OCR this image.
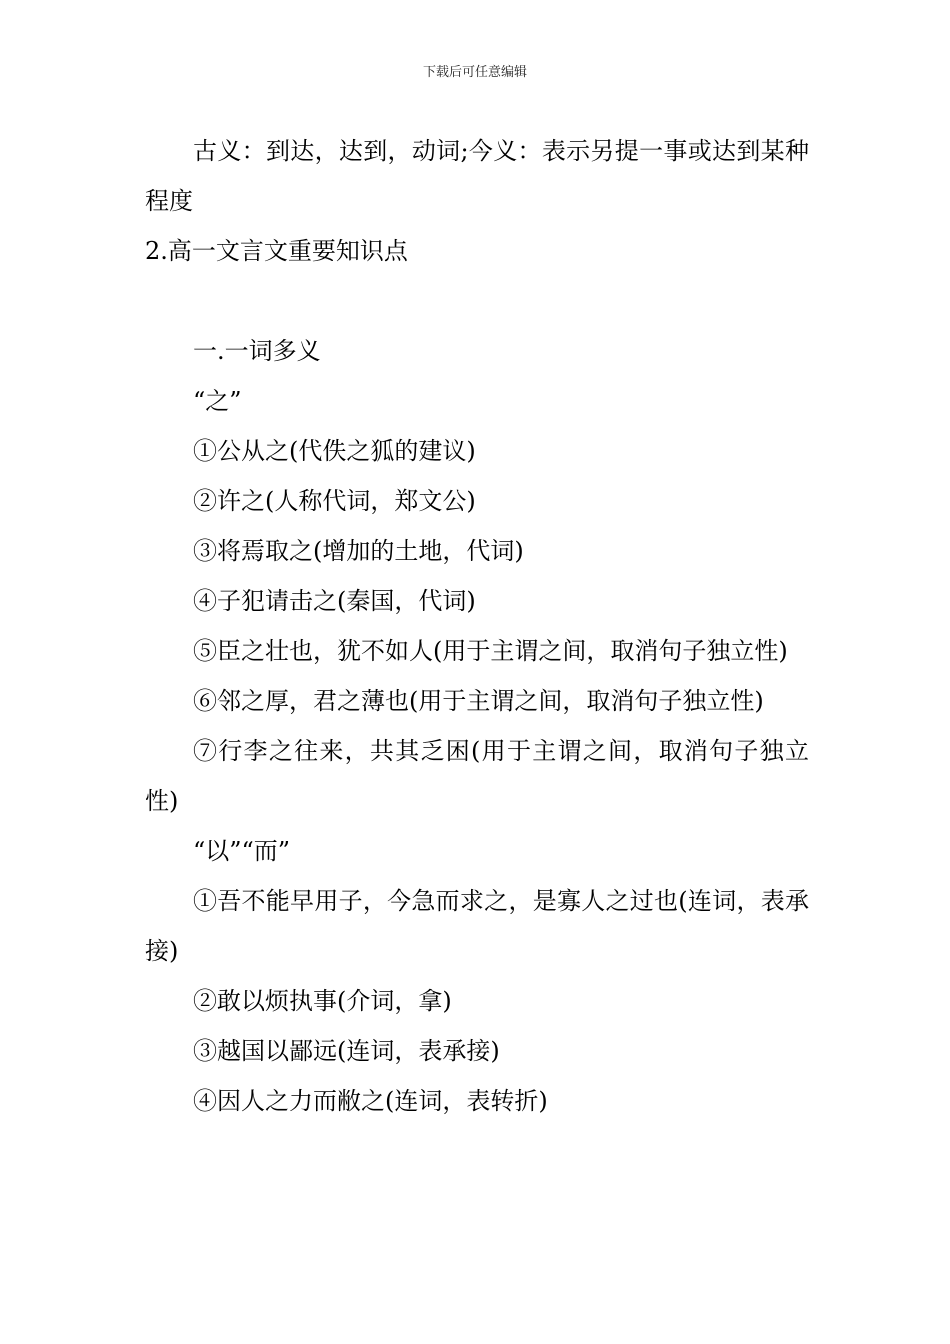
下载后可任意编辑

古义：到达，达到，动词;今义：表示另提一事或达到某种程度

2.高一文言文重要知识点

一.一词多义

“之”

①公从之(代佚之狐的建议)

②许之(人称代词，郑文公)

③将焉取之(增加的土地，代词)

④子犯请击之(秦国，代词)

⑤臣之壮也，犹不如人(用于主谓之间，取消句子独立性)

⑥邻之厚，君之薄也(用于主谓之间，取消句子独立性)

⑦行李之往来，共其乏困(用于主谓之间，取消句子独立性)

“以”“而”

①吾不能早用子，今急而求之，是寡人之过也(连词，表承接)

②敢以烦执事(介词，拿)

③越国以鄙远(连词，表承接)

④因人之力而敝之(连词，表转折)
